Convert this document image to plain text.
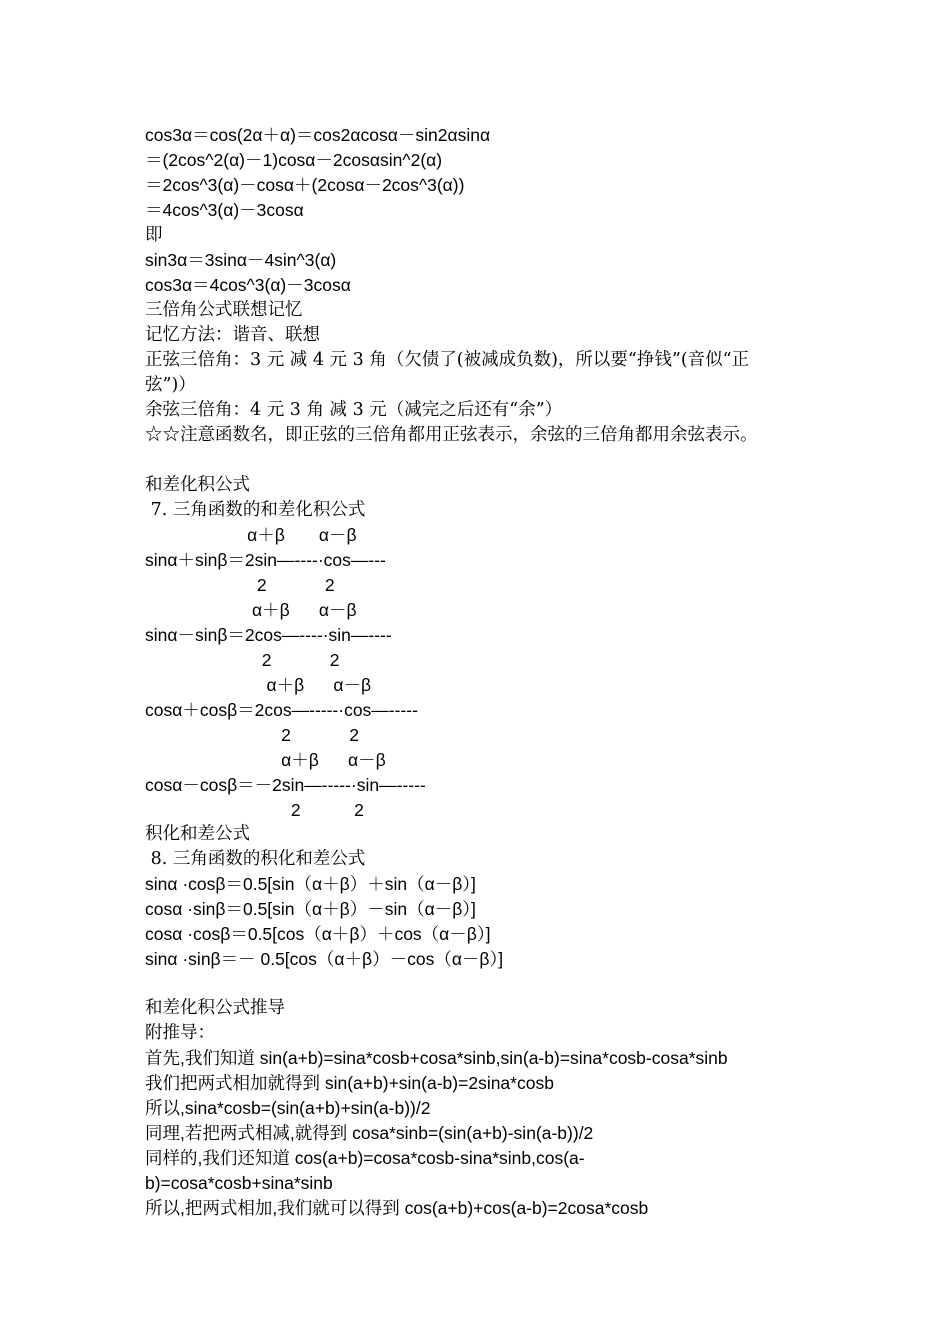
cos3α＝cos(2α＋α)＝cos2αcosα－sin2αsinα
＝(2cos^2(α)－1)cosα－2cosαsin^2(α)
＝2cos^3(α)－cosα＋(2cosα－2cos^3(α))
＝4cos^3(α)－3cosα
即
sin3α＝3sinα－4sin^3(α)
cos3α＝4cos^3(α)－3cosα
三倍角公式联想记忆
记忆方法：谐音、联想
正弦三倍角：3 元 减 4 元 3 角（欠债了(被减成负数)，所以要“挣钱”(音似“正
弦”)）
余弦三倍角：4 元 3 角 减 3 元（减完之后还有“余”）
☆☆注意函数名，即正弦的三倍角都用正弦表示，余弦的三倍角都用余弦表示。
和差化积公式
7. 三角函数的和差化积公式
α＋β       α－β
sinα＋sinβ＝2sin—----·cos—---
2            2
α＋β      α－β
sinα－sinβ＝2cos—----·sin—----
2            2
α＋β      α－β
cosα＋cosβ＝2cos—-----·cos—-----
2            2
α＋β      α－β
cosα－cosβ＝－2sin—-----·sin—-----
2           2
积化和差公式
8. 三角函数的积化和差公式
sinα ·cosβ＝0.5[sin（α＋β）＋sin（α－β）]
cosα ·sinβ＝0.5[sin（α＋β）－sin（α－β）]
cosα ·cosβ＝0.5[cos（α＋β）＋cos（α－β）]
sinα ·sinβ＝－ 0.5[cos（α＋β）－cos（α－β）]
和差化积公式推导
附推导：
首先,我们知道 sin(a+b)=sina*cosb+cosa*sinb,sin(a-b)=sina*cosb-cosa*sinb
我们把两式相加就得到 sin(a+b)+sin(a-b)=2sina*cosb
所以,sina*cosb=(sin(a+b)+sin(a-b))/2
同理,若把两式相减,就得到 cosa*sinb=(sin(a+b)-sin(a-b))/2
同样的,我们还知道 cos(a+b)=cosa*cosb-sina*sinb,cos(a-
b)=cosa*cosb+sina*sinb
所以,把两式相加,我们就可以得到 cos(a+b)+cos(a-b)=2cosa*cosb
